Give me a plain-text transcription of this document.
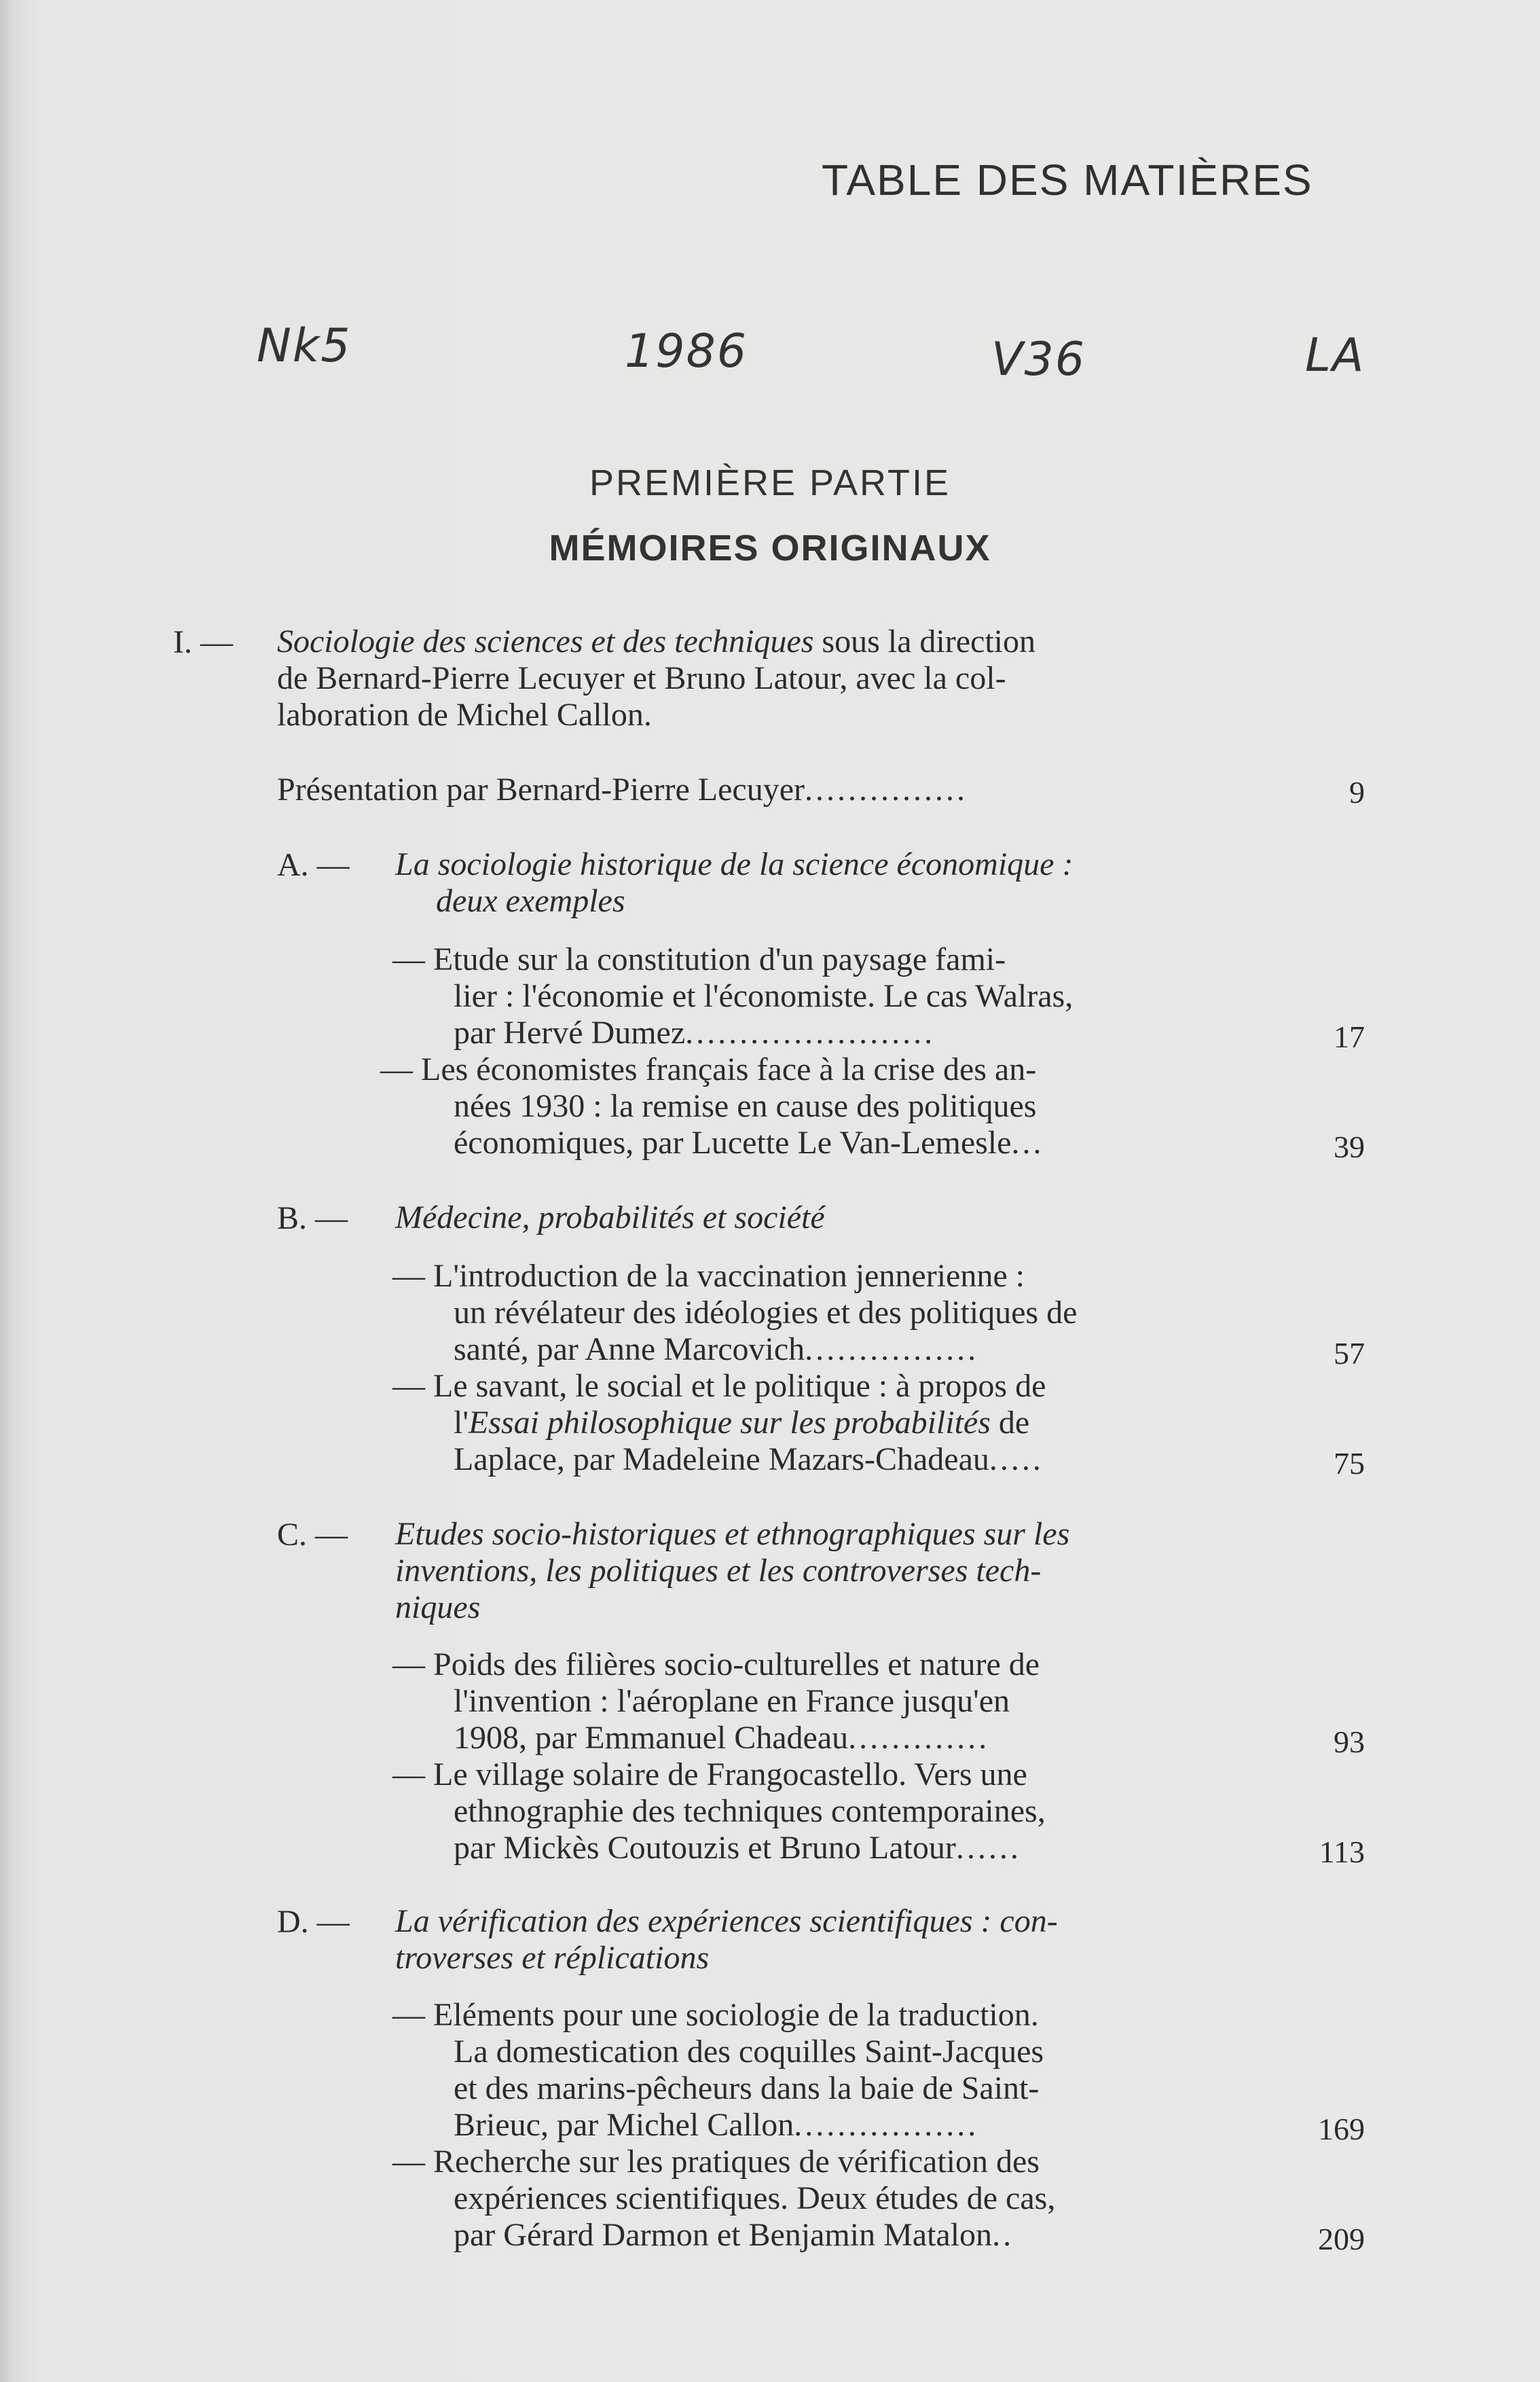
TABLE DES MATIÈRES
Nk5	1986	V36	LA
PREMIÈRE PARTIE
MÉMOIRES ORIGINAUX
I. — Sociologie des sciences et des techniques sous la direction
de Bernard-Pierre Lecuyer et Bruno Latour, avec la col-
laboration de Michel Callon.
Présentation par Bernard-Pierre Lecuyer...............	9
A. — La sociologie historique de la science économique :
deux exemples
— Etude sur la constitution d'un paysage fami-
lier : l'économie et l'économiste. Le cas Walras,
par Hervé Dumez.......................	17
— Les économistes français face à la crise des an-
nées 1930 : la remise en cause des politiques
économiques, par Lucette Le Van-Lemesle...	39
B. — Médecine, probabilités et société
— L'introduction de la vaccination jennerienne :
un révélateur des idéologies et des politiques de
santé, par Anne Marcovich................	57
— Le savant, le social et le politique : à propos de
l'Essai philosophique sur les probabilités de
Laplace, par Madeleine Mazars-Chadeau.....	75
C. — Etudes socio-historiques et ethnographiques sur les
inventions, les politiques et les controverses tech-
niques
— Poids des filières socio-culturelles et nature de
l'invention : l'aéroplane en France jusqu'en
1908, par Emmanuel Chadeau.............	93
— Le village solaire de Frangocastello. Vers une
ethnographie des techniques contemporaines,
par Mickès Coutouzis et Bruno Latour......	113
D. — La vérification des expériences scientifiques : con-
troverses et réplications
— Eléments pour une sociologie de la traduction.
La domestication des coquilles Saint-Jacques
et des marins-pêcheurs dans la baie de Saint-
Brieuc, par Michel Callon.................	169
— Recherche sur les pratiques de vérification des
expériences scientifiques. Deux études de cas,
par Gérard Darmon et Benjamin Matalon..	209
